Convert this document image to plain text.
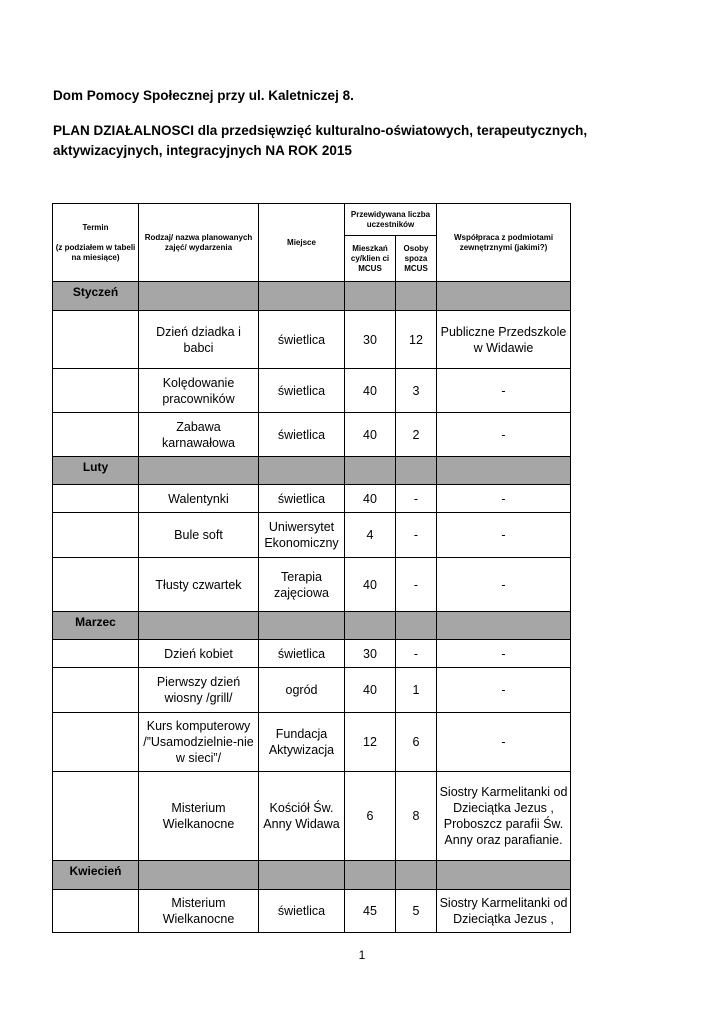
Dom Pomocy Społecznej przy ul. Kaletniczej 8.
PLAN DZIAŁALNOSCI dla przedsięwzięć kulturalno-oświatowych, terapeutycznych,
aktywizacyjnych, integracyjnych NA ROK 2015
Termin
(z podziałem w tabeli na miesiące)	Rodzaj/ nazwa planowanych zajęć/ wydarzenia	Miejsce	Przewidywana liczba uczestników		Współpraca z podmiotami zewnętrznymi (jakimi?)
			Mieszkań cy/klien ci MCUS	Osoby spoza MCUS	
Styczeń					
	Dzień dziadka i babci	świetlica	30	12	Publiczne Przedszkole w Widawie
	Kolędowanie pracowników	świetlica	40	3	-
	Zabawa karnawałowa	świetlica	40	2	-
Luty					
	Walentynki	świetlica	40	-	-
	Bule soft	Uniwersytet Ekonomiczny	4	-	-
	Tłusty czwartek	Terapia zajęciowa	40	-	-
Marzec					
	Dzień kobiet	świetlica	30	-	-
	Pierwszy dzień wiosny /grill/	ogród	40	1	-
	Kurs komputerowy /”Usamodzielnie-nie w sieci”/	Fundacja Aktywizacja	12	6	-
	Misterium Wielkanocne	Kościół Św. Anny Widawa	6	8	Siostry Karmelitanki od Dzieciątka Jezus , Proboszcz parafii Św. Anny oraz parafianie.
Kwiecień					
	Misterium Wielkanocne	świetlica	45	5	Siostry Karmelitanki od Dzieciątka Jezus ,
1
